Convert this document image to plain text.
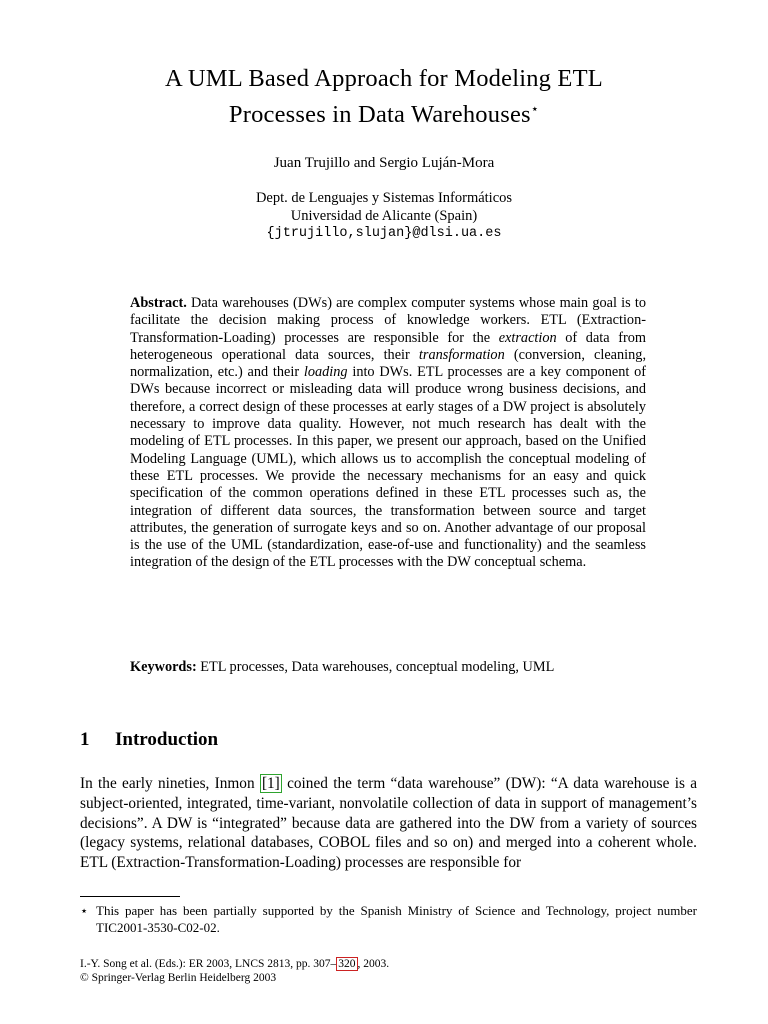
A UML Based Approach for Modeling ETL
Processes in Data Warehouses⋆
Juan Trujillo and Sergio Luján-Mora
Dept. de Lenguajes y Sistemas Informáticos
Universidad de Alicante (Spain)
{jtrujillo,slujan}@dlsi.ua.es
Abstract. Data warehouses (DWs) are complex computer systems whose main goal is to facilitate the decision making process of knowledge workers. ETL (Extraction-Transformation-Loading) processes are responsible for the extraction of data from heterogeneous operational data sources, their transformation (conversion, cleaning, normalization, etc.) and their loading into DWs. ETL processes are a key component of DWs because incorrect or misleading data will produce wrong business decisions, and therefore, a correct design of these processes at early stages of a DW project is absolutely necessary to improve data quality. However, not much research has dealt with the modeling of ETL processes. In this paper, we present our approach, based on the Unified Modeling Language (UML), which allows us to accomplish the conceptual modeling of these ETL processes. We provide the necessary mechanisms for an easy and quick specification of the common operations defined in these ETL processes such as, the integration of different data sources, the transformation between source and target attributes, the generation of surrogate keys and so on. Another advantage of our proposal is the use of the UML (standardization, ease-of-use and functionality) and the seamless integration of the design of the ETL processes with the DW conceptual schema.
Keywords: ETL processes, Data warehouses, conceptual modeling, UML
1 Introduction
In the early nineties, Inmon [1] coined the term “data warehouse” (DW): “A data warehouse is a subject-oriented, integrated, time-variant, nonvolatile collection of data in support of management’s decisions”. A DW is “integrated” because data are gathered into the DW from a variety of sources (legacy systems, relational databases, COBOL files and so on) and merged into a coherent whole. ETL (Extraction-Transformation-Loading) processes are responsible for
⋆ This paper has been partially supported by the Spanish Ministry of Science and Technology, project number TIC2001-3530-C02-02.
I.-Y. Song et al. (Eds.): ER 2003, LNCS 2813, pp. 307– 320 , 2003.
© Springer-Verlag Berlin Heidelberg 2003
